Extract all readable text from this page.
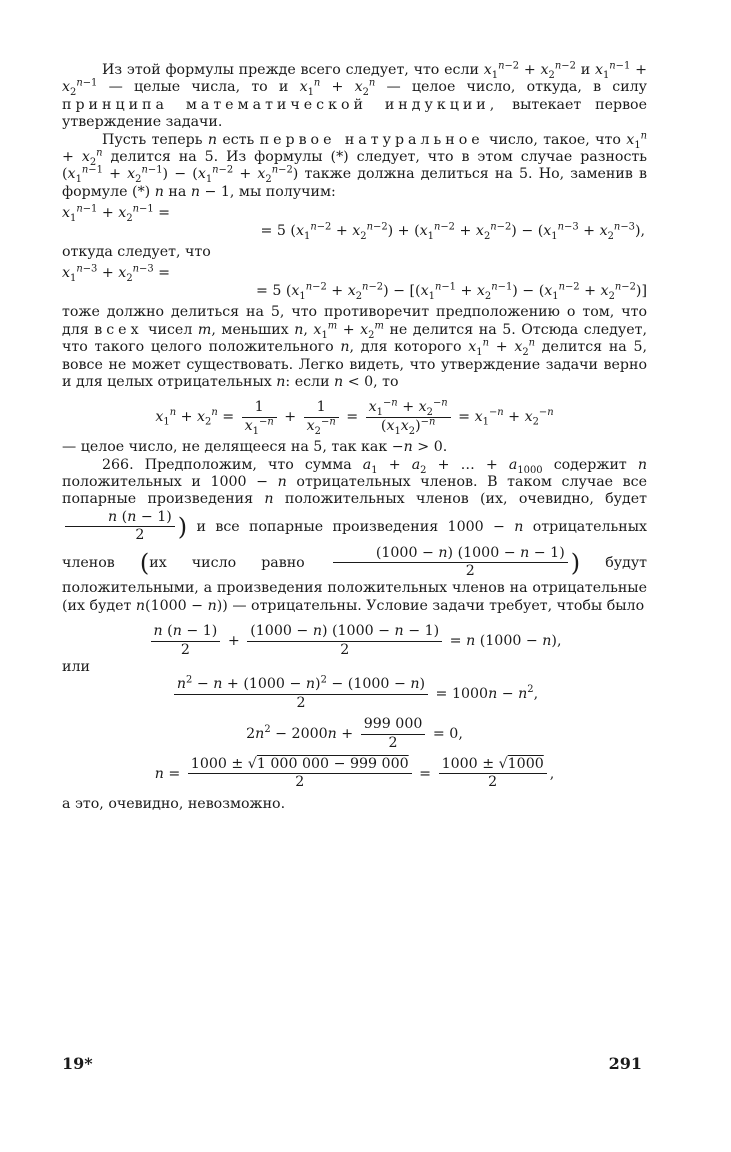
Из этой формулы прежде всего следует, что если $x_1^{n-2} + x_2^{n-2}$ и $x_1^{n-1} + x_2^{n-1}$ — целые числа, то и $x_1^n + x_2^n$ — целое число, откуда, в силу принципа математической индукции, вытекает первое утверждение задачи.

Пусть теперь n есть первое натуральное число, такое, что $x_1^n + x_2^n$ делится на 5. Из формулы (*) следует, что в этом случае разность $(x_1^{n-1} + x_2^{n-1}) - (x_1^{n-2} + x_2^{n-2})$ также должна делиться на 5. Но, заменив в формуле (*) n на n − 1, мы получим:

$x_1^{n-1} + x_2^{n-1}$ =
= 5 $(x_1^{n-2} + x_2^{n-2}) + (x_1^{n-2} + x_2^{n-2}) - (x_1^{n-3} + x_2^{n-3})$,

откуда следует, что

$x_1^{n-3} + x_2^{n-3}$ =
= 5 $(x_1^{n-2} + x_2^{n-2}) - [(x_1^{n-1} + x_2^{n-1}) - (x_1^{n-2} + x_2^{n-2})]$

тоже должно делиться на 5, что противоречит предположению о том, что для всех чисел m, меньших n, $x_1^m + x_2^m$ не делится на 5. Отсюда следует, что такого целого положительного n, для которого $x_1^n + x_2^n$ делится на 5, вовсе не может существовать. Легко видеть, что утверждение задачи верно и для целых отрицательных n: если n < 0, то

$x_1^n + x_2^n = \frac{1}{x_1^{-n}} + \frac{1}{x_2^{-n}} = \frac{x_1^{-n} + x_2^{-n}}{(x_1x_2)^{-n}} = x_1^{-n} + x_2^{-n}$

— целое число, не делящееся на 5, так как −n > 0.

266. Предположим, что сумма $a_1 + a_2$ + … + $a_{1000}$ содержит n положительных и 1000 − n отрицательных членов. В таком случае все попарные произведения n положительных членов (их, очевидно, будет
$\frac{n (n - 1)}{2}$ ) и все попарные произведения 1000 − n отрицательных членов (их число равно $\frac{(1000 - n) (1000 - n - 1)}{2}$ ) будут положительными, а произведения положительных членов на отрицательные (их будет n(1000 − n)) — отрицательны. Условие задачи требует, чтобы было

$\frac{n (n - 1)}{2} + \frac{(1000 - n) (1000 - n - 1)}{2} = n$ (1000 − n),

или

$\frac{n^2 - n + (1000 - n)^2 - (1000 - n)}{2} = 1000n - n^2$,
$2n^2 - 2000n + \frac{999 000}{2} = 0$,
$n = \frac{1000 \pm √1 000 000 - 999 000}{2} = \frac{1000 \pm √1000}{2}$ ,

а это, очевидно, невозможно.

19*	291
